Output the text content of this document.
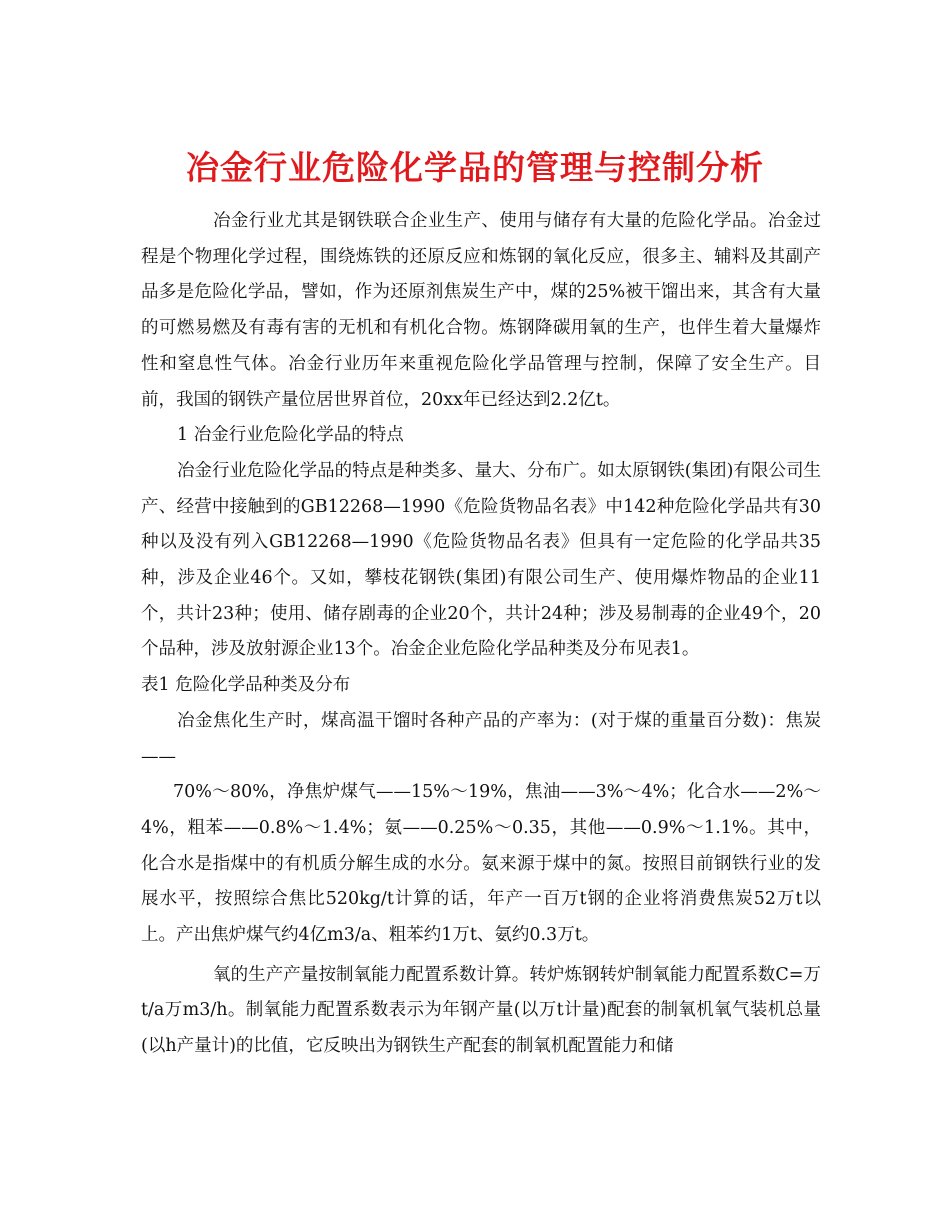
冶金行业危险化学品的管理与控制分析

冶金行业尤其是钢铁联合企业生产、使用与储存有大量的危险化学品。冶金过程是个物理化学过程，围绕炼铁的还原反应和炼钢的氧化反应，很多主、辅料及其副产品多是危险化学品，譬如，作为还原剂焦炭生产中，煤的25%被干馏出来，其含有大量的可燃易燃及有毒有害的无机和有机化合物。炼钢降碳用氧的生产，也伴生着大量爆炸性和窒息性气体。冶金行业历年来重视危险化学品管理与控制，保障了安全生产。目前，我国的钢铁产量位居世界首位，20xx年已经达到2.2亿t。

1 冶金行业危险化学品的特点

冶金行业危险化学品的特点是种类多、量大、分布广。如太原钢铁(集团)有限公司生产、经营中接触到的GB12268—1990《危险货物品名表》中142种危险化学品共有30种以及没有列入GB12268—1990《危险货物品名表》但具有一定危险的化学品共35种，涉及企业46个。又如，攀枝花钢铁(集团)有限公司生产、使用爆炸物品的企业11个，共计23种；使用、储存剧毒的企业20个，共计24种；涉及易制毒的企业49个，20个品种，涉及放射源企业13个。冶金企业危险化学品种类及分布见表1。

表1 危险化学品种类及分布

冶金焦化生产时，煤高温干馏时各种产品的产率为：(对于煤的重量百分数)：焦炭——

70%～80%，净焦炉煤气——15%～19%，焦油——3%～4%；化合水——2%～4%，粗苯——0.8%～1.4%；氨——0.25%～0.35，其他——0.9%～1.1%。其中，化合水是指煤中的有机质分解生成的水分。氨来源于煤中的氮。按照目前钢铁行业的发展水平，按照综合焦比520kg/t计算的话，年产一百万t钢的企业将消费焦炭52万t以上。产出焦炉煤气约4亿m3/a、粗苯约1万t、氨约0.3万t。

氧的生产产量按制氧能力配置系数计算。转炉炼钢转炉制氧能力配置系数C=万t/a万m3/h。制氧能力配置系数表示为年钢产量(以万t计量)配套的制氧机氧气装机总量(以h产量计)的比值，它反映出为钢铁生产配套的制氧机配置能力和储
